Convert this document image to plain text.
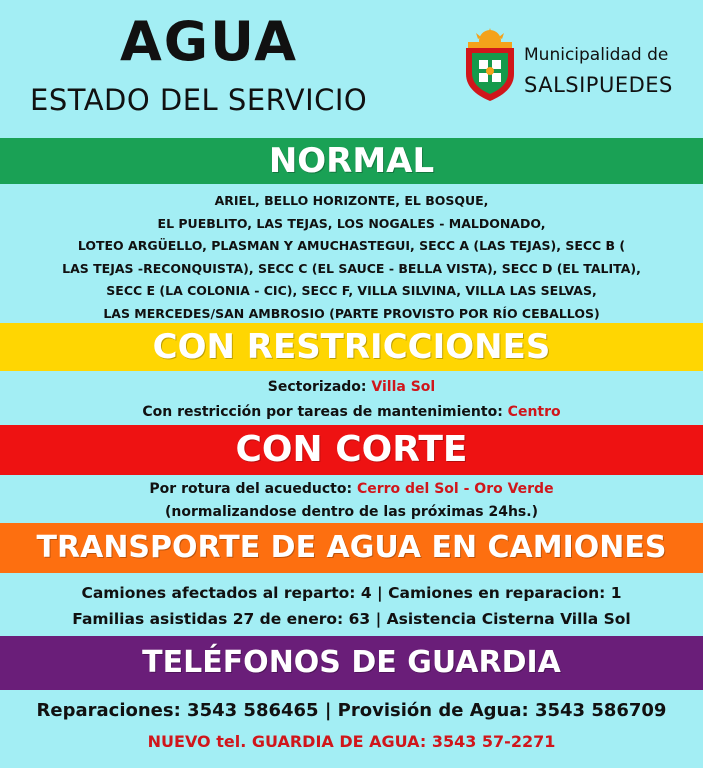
AGUA
ESTADO DEL SERVICIO
Municipalidad de
SALSIPUEDES
NORMAL
ARIEL, BELLO HORIZONTE, EL BOSQUE,
EL PUEBLITO, LAS TEJAS, LOS NOGALES - MALDONADO,
LOTEO ARGÜELLO, PLASMAN Y AMUCHASTEGUI, SECC A (LAS TEJAS), SECC B (
LAS TEJAS -RECONQUISTA), SECC C (EL SAUCE - BELLA VISTA), SECC D (EL TALITA),
SECC E (LA COLONIA - CIC), SECC F, VILLA SILVINA, VILLA LAS SELVAS,
LAS MERCEDES/SAN AMBROSIO (PARTE PROVISTO POR RÍO CEBALLOS)
CON RESTRICCIONES
Sectorizado: Villa Sol
Con restricción por tareas de mantenimiento: Centro
CON CORTE
Por rotura del acueducto: Cerro del Sol - Oro Verde
(normalizandose dentro de las próximas 24hs.)
TRANSPORTE DE AGUA EN CAMIONES
Camiones afectados al reparto: 4 | Camiones en reparacion: 1
Familias asistidas 27 de enero: 63 | Asistencia Cisterna Villa Sol
TELÉFONOS DE GUARDIA
Reparaciones: 3543 586465 | Provisión de Agua: 3543 586709
NUEVO tel. GUARDIA DE AGUA: 3543 57-2271
